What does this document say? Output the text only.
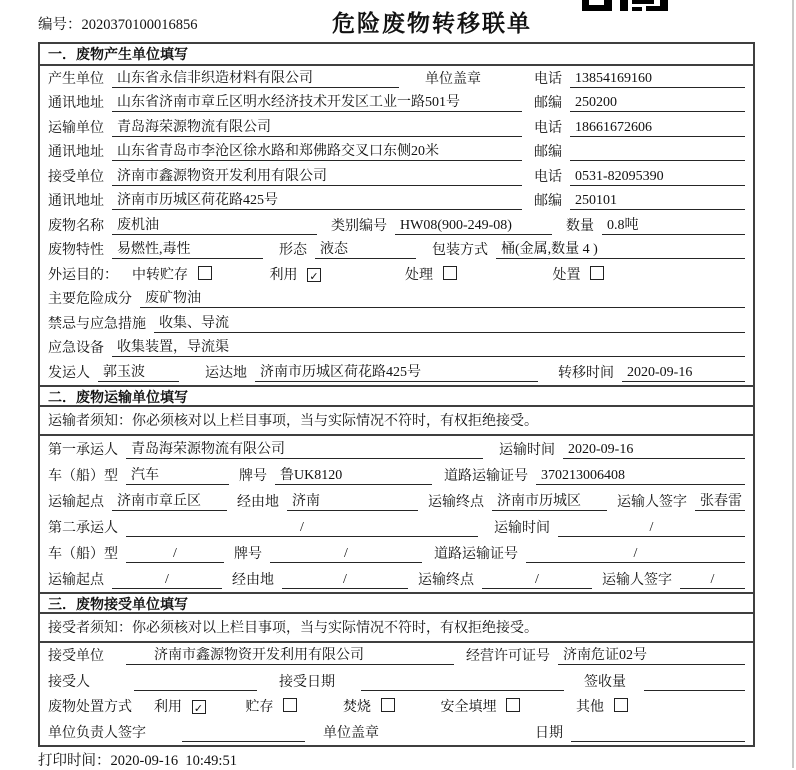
编号：2020370100016856	危险废物转移联单
一．废物产生单位填写
产生单位 山东省永信非织造材料有限公司	单位盖章	电话 13854169160
通讯地址 山东省济南市章丘区明水经济技术开发区工业一路501号	邮编 250200
运输单位 青岛海荣源物流有限公司	电话 18661672606
通讯地址 山东省青岛市李沧区徐水路和郑佛路交叉口东侧20米	邮编
接受单位 济南市鑫源物资开发利用有限公司	电话 0531-82095390
通讯地址 济南市历城区荷花路425号	邮编 250101
废物名称 废机油	类别编号 HW08(900-249-08)	数量 0.8吨
废物特性 易燃性,毒性	形态 液态	包装方式 桶(金属,数量 4 )
外运目的： 中转贮存	利用 ✓	处理	处置
主要危险成分 废矿物油
禁忌与应急措施 收集、导流
应急设备 收集装置，导流渠
发运人 郭玉波	运达地 济南市历城区荷花路425号	转移时间 2020-09-16
二．废物运输单位填写
运输者须知：你必须核对以上栏目事项，当与实际情况不符时，有权拒绝接受。
第一承运人 青岛海荣源物流有限公司	运输时间 2020-09-16
车（船）型 汽车	牌号 鲁UK8120	道路运输证号 370213006408
运输起点 济南市章丘区	经由地 济南	运输终点 济南市历城区	运输人签字 张春雷
第二承运人	/	运输时间	/
车（船）型	/	牌号	/	道路运输证号	/
运输起点	/	经由地	/	运输终点	/	运输人签字	/
三．废物接受单位填写
接受者须知：你必须核对以上栏目事项，当与实际情况不符时，有权拒绝接受。
接受单位	济南市鑫源物资开发利用有限公司	经营许可证号 济南危证02号
接受人	接受日期	签收量
废物处置方式 利用 ✓	贮存	焚烧	安全填埋	其他
单位负责人签字	单位盖章	日期
打印时间：2020-09-16  10:49:51
